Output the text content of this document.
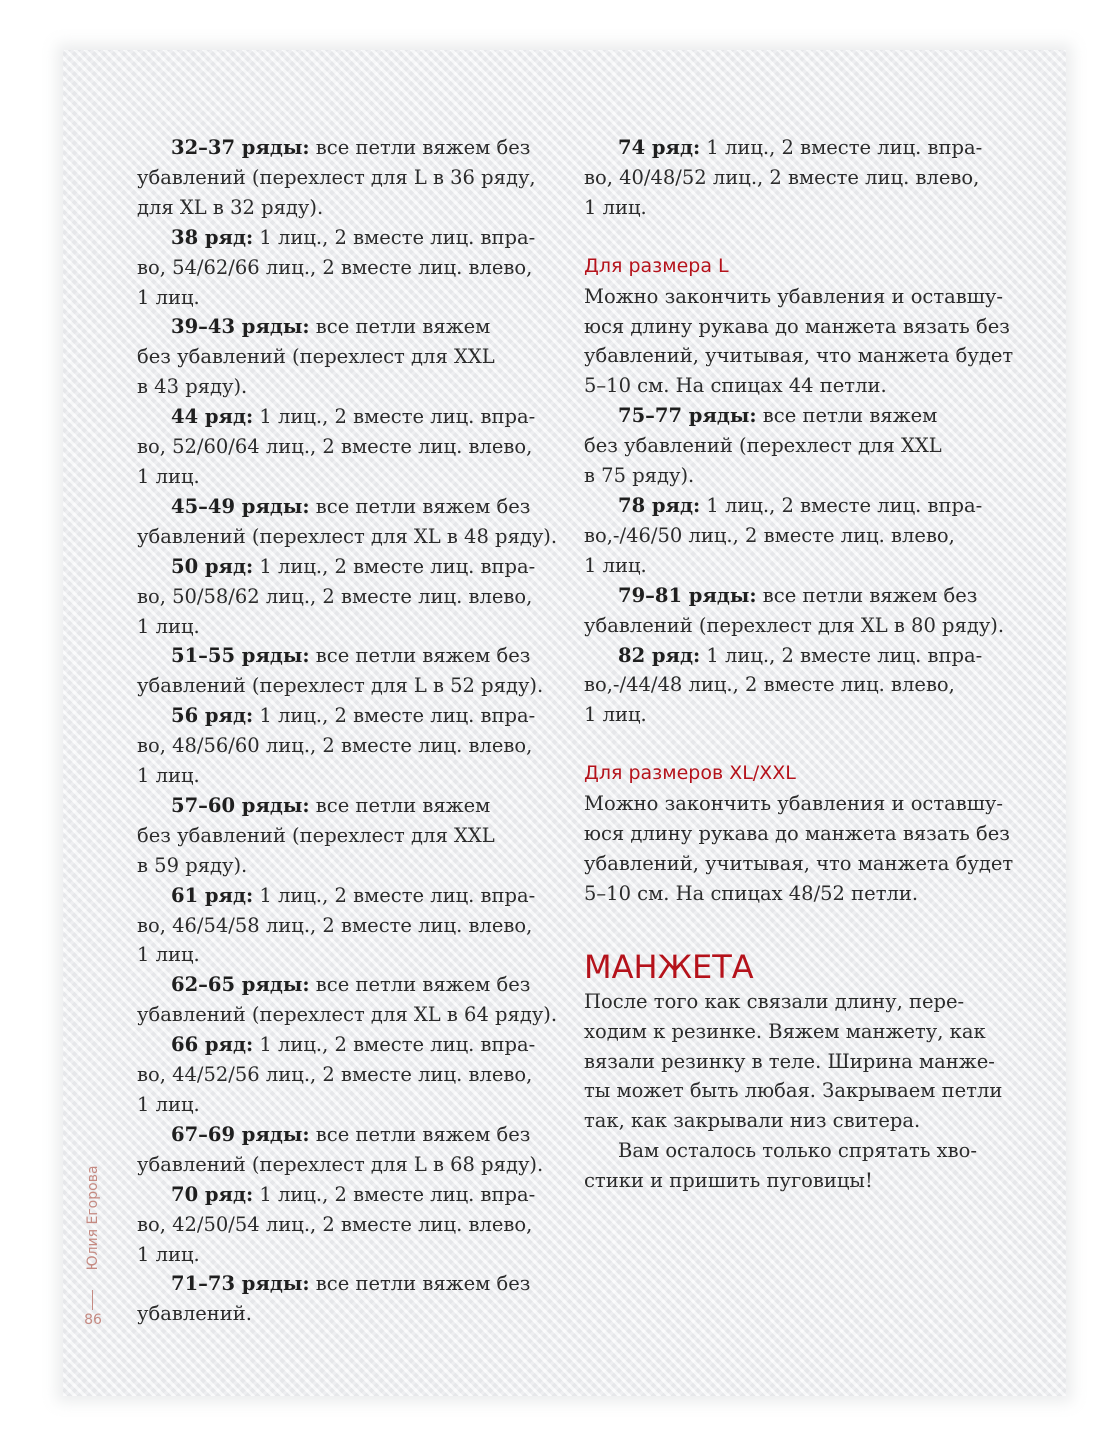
32–37 ряды: все петли вяжем без
убавлений (перехлест для L в 36 ряду,
для XL в 32 ряду).
38 ряд: 1 лиц., 2 вместе лиц. впра-
во, 54/62/66 лиц., 2 вместе лиц. влево,
1 лиц.
39–43 ряды: все петли вяжем
без убавлений (перехлест для XXL
в 43 ряду).
44 ряд: 1 лиц., 2 вместе лиц. впра-
во, 52/60/64 лиц., 2 вместе лиц. влево,
1 лиц.
45–49 ряды: все петли вяжем без
убавлений (перехлест для XL в 48 ряду).
50 ряд: 1 лиц., 2 вместе лиц. впра-
во, 50/58/62 лиц., 2 вместе лиц. влево,
1 лиц.
51–55 ряды: все петли вяжем без
убавлений (перехлест для L в 52 ряду).
56 ряд: 1 лиц., 2 вместе лиц. впра-
во, 48/56/60 лиц., 2 вместе лиц. влево,
1 лиц.
57–60 ряды: все петли вяжем
без убавлений (перехлест для XXL
в 59 ряду).
61 ряд: 1 лиц., 2 вместе лиц. впра-
во, 46/54/58 лиц., 2 вместе лиц. влево,
1 лиц.
62–65 ряды: все петли вяжем без
убавлений (перехлест для XL в 64 ряду).
66 ряд: 1 лиц., 2 вместе лиц. впра-
во, 44/52/56 лиц., 2 вместе лиц. влево,
1 лиц.
67–69 ряды: все петли вяжем без
убавлений (перехлест для L в 68 ряду).
70 ряд: 1 лиц., 2 вместе лиц. впра-
во, 42/50/54 лиц., 2 вместе лиц. влево,
1 лиц.
71–73 ряды: все петли вяжем без
убавлений.
74 ряд: 1 лиц., 2 вместе лиц. впра-
во, 40/48/52 лиц., 2 вместе лиц. влево,
1 лиц.
Для размера L
Можно закончить убавления и оставшу-
юся длину рукава до манжета вязать без
убавлений, учитывая, что манжета будет
5–10 см. На спицах 44 петли.
75–77 ряды: все петли вяжем
без убавлений (перехлест для XXL
в 75 ряду).
78 ряд: 1 лиц., 2 вместе лиц. впра-
во,-/46/50 лиц., 2 вместе лиц. влево,
1 лиц.
79–81 ряды: все петли вяжем без
убавлений (перехлест для XL в 80 ряду).
82 ряд: 1 лиц., 2 вместе лиц. впра-
во,-/44/48 лиц., 2 вместе лиц. влево,
1 лиц.
Для размеров XL/XXL
Можно закончить убавления и оставшу-
юся длину рукава до манжета вязать без
убавлений, учитывая, что манжета будет
5–10 см. На спицах 48/52 петли.
МАНЖЕТА
После того как связали длину, пере-
ходим к резинке. Вяжем манжету, как
вязали резинку в теле. Ширина манже-
ты может быть любая. Закрываем петли
так, как закрывали низ свитера.
Вам осталось только спрятать хво-
стики и пришить пуговицы!
Юлия Егорова
86
